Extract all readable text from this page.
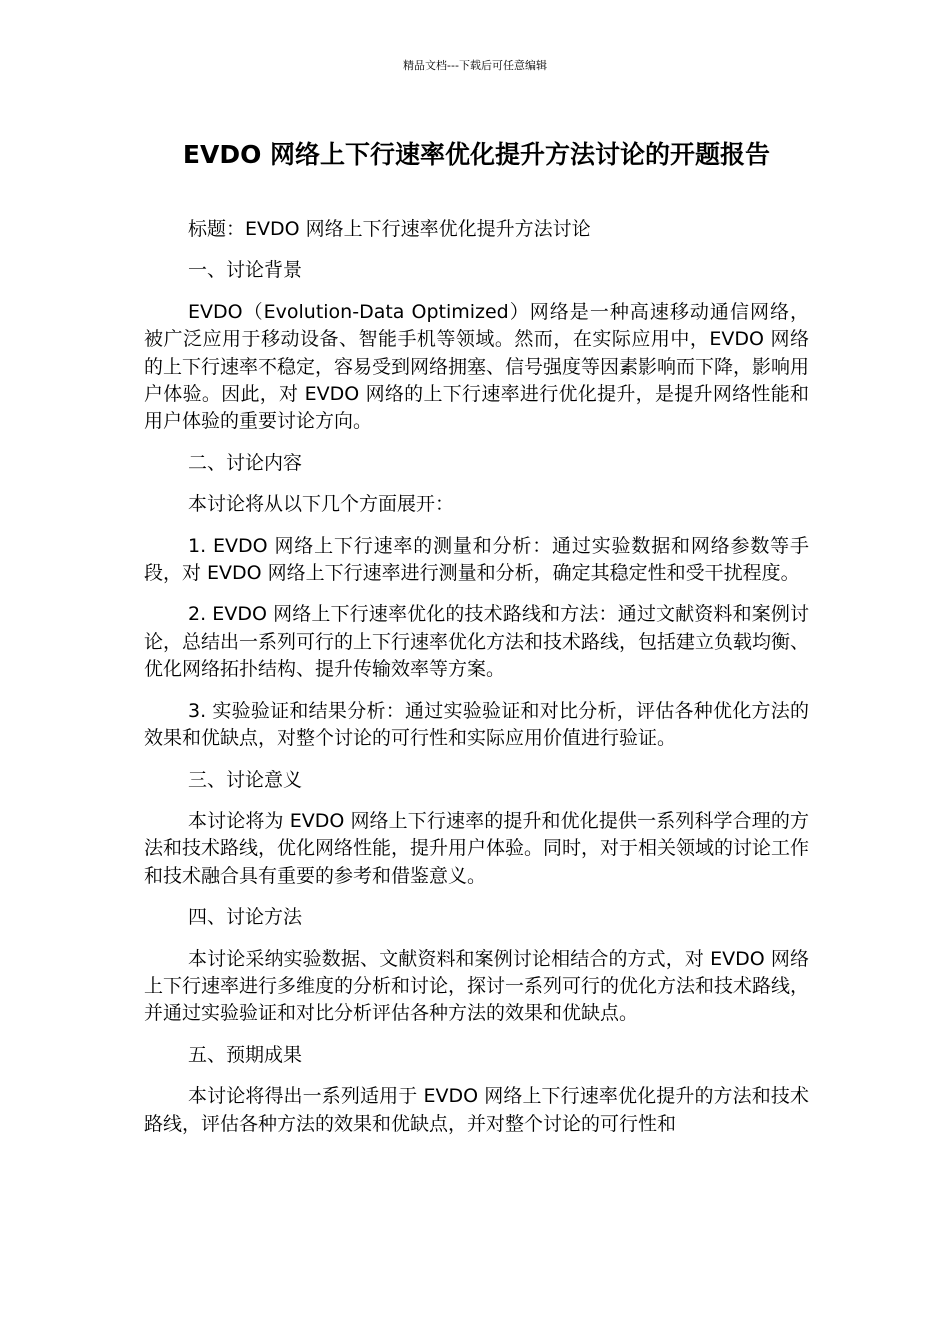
精品文档---下载后可任意编辑
EVDO 网络上下行速率优化提升方法讨论的开题报告

标题：EVDO 网络上下行速率优化提升方法讨论

一、讨论背景

EVDO（Evolution-Data Optimized）网络是一种高速移动通信网络，被广泛应用于移动设备、智能手机等领域。然而，在实际应用中，EVDO 网络的上下行速率不稳定，容易受到网络拥塞、信号强度等因素影响而下降，影响用户体验。因此，对 EVDO 网络的上下行速率进行优化提升，是提升网络性能和用户体验的重要讨论方向。

二、讨论内容

本讨论将从以下几个方面展开：

1. EVDO 网络上下行速率的测量和分析：通过实验数据和网络参数等手段，对 EVDO 网络上下行速率进行测量和分析，确定其稳定性和受干扰程度。

2. EVDO 网络上下行速率优化的技术路线和方法：通过文献资料和案例讨论，总结出一系列可行的上下行速率优化方法和技术路线，包括建立负载均衡、优化网络拓扑结构、提升传输效率等方案。

3. 实验验证和结果分析：通过实验验证和对比分析，评估各种优化方法的效果和优缺点，对整个讨论的可行性和实际应用价值进行验证。

三、讨论意义

本讨论将为 EVDO 网络上下行速率的提升和优化提供一系列科学合理的方法和技术路线，优化网络性能，提升用户体验。同时，对于相关领域的讨论工作和技术融合具有重要的参考和借鉴意义。

四、讨论方法

本讨论采纳实验数据、文献资料和案例讨论相结合的方式，对 EVDO 网络上下行速率进行多维度的分析和讨论，探讨一系列可行的优化方法和技术路线，并通过实验验证和对比分析评估各种方法的效果和优缺点。

五、预期成果

本讨论将得出一系列适用于 EVDO 网络上下行速率优化提升的方法和技术路线，评估各种方法的效果和优缺点，并对整个讨论的可行性和
